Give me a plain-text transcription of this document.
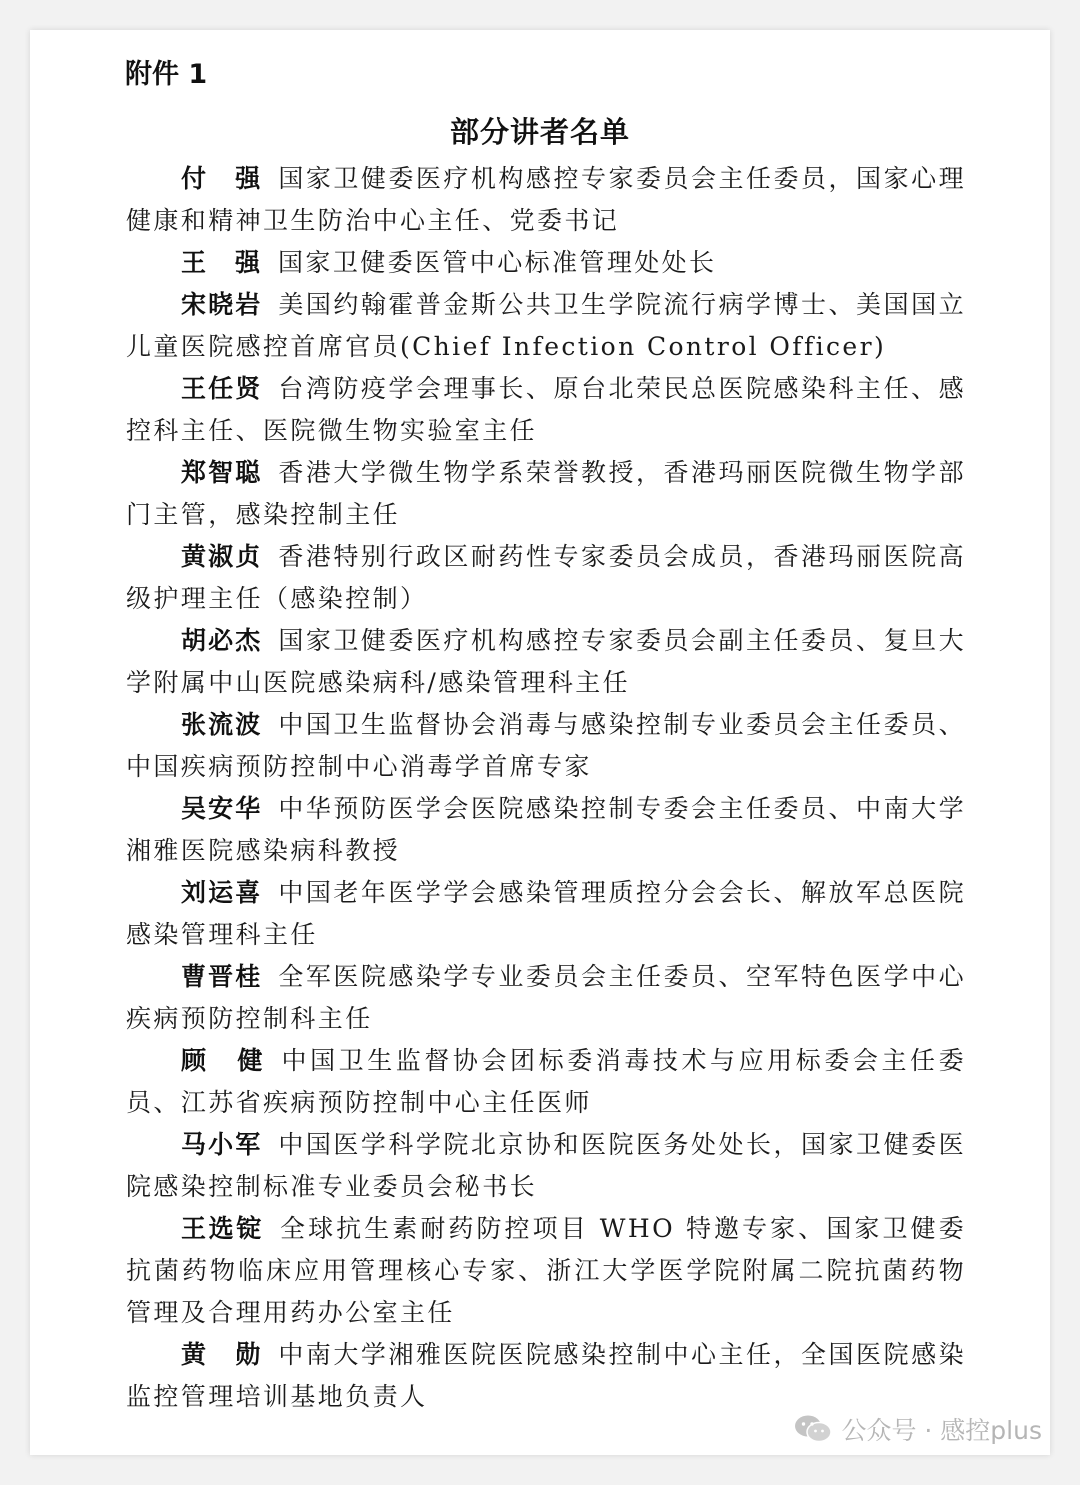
附件 1
部分讲者名单

付　强 国家卫健委医疗机构感控专家委员会主任委员，国家心理健康和精神卫生防治中心主任、党委书记

王　强 国家卫健委医管中心标准管理处处长

宋晓岩 美国约翰霍普金斯公共卫生学院流行病学博士、美国国立儿童医院感控首席官员(Chief Infection Control Officer)

王任贤 台湾防疫学会理事长、原台北荣民总医院感染科主任、感控科主任、医院微生物实验室主任

郑智聪 香港大学微生物学系荣誉教授，香港玛丽医院微生物学部门主管，感染控制主任

黄淑贞 香港特别行政区耐药性专家委员会成员，香港玛丽医院高级护理主任（感染控制）

胡必杰 国家卫健委医疗机构感控专家委员会副主任委员、复旦大学附属中山医院感染病科/感染管理科主任

张流波 中国卫生监督协会消毒与感染控制专业委员会主任委员、中国疾病预防控制中心消毒学首席专家

吴安华 中华预防医学会医院感染控制专委会主任委员、中南大学湘雅医院感染病科教授

刘运喜 中国老年医学学会感染管理质控分会会长、解放军总医院感染管理科主任

曹晋桂 全军医院感染学专业委员会主任委员、空军特色医学中心疾病预防控制科主任

顾　健 中国卫生监督协会团标委消毒技术与应用标委会主任委员、江苏省疾病预防控制中心主任医师

马小军 中国医学科学院北京协和医院医务处处长，国家卫健委医院感染控制标准专业委员会秘书长

王选锭 全球抗生素耐药防控项目 WHO 特邀专家、国家卫健委抗菌药物临床应用管理核心专家、浙江大学医学院附属二院抗菌药物管理及合理用药办公室主任

黄　勋 中南大学湘雅医院医院感染控制中心主任，全国医院感染监控管理培训基地负责人

公众号 · 感控plus
